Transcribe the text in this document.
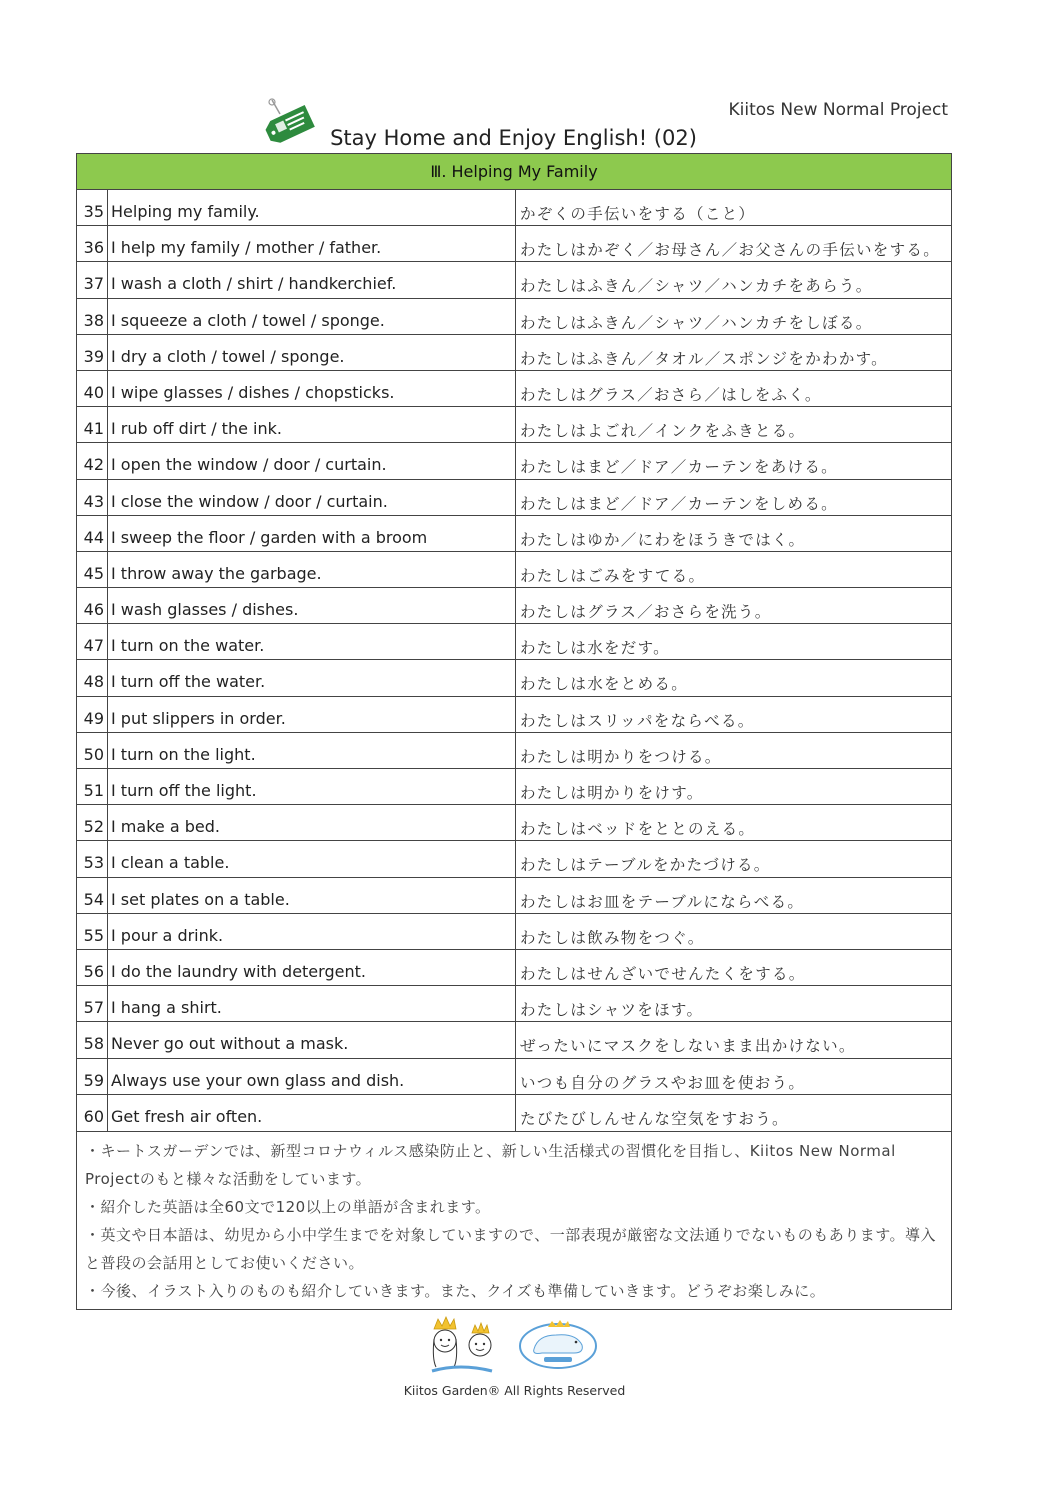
Kiitos New Normal Project
Stay Home and Enjoy English! (02)
Ⅲ. Helping My Family
35 Helping my family.	かぞくの手伝いをする（こと）
36 I help my family / mother / father.	わたしはかぞく／お母さん／お父さんの手伝いをする。
37 I wash a cloth / shirt / handkerchief.	わたしはふきん／シャツ／ハンカチをあらう。
38 I squeeze a cloth / towel / sponge.	わたしはふきん／シャツ／ハンカチをしぼる。
39 I dry a cloth / towel / sponge.	わたしはふきん／タオル／スポンジをかわかす。
40 I wipe glasses / dishes / chopsticks.	わたしはグラス／おさら／はしをふく。
41 I rub off dirt / the ink.	わたしはよごれ／インクをふきとる。
42 I open the window / door / curtain.	わたしはまど／ドア／カーテンをあける。
43 I close the window / door / curtain.	わたしはまど／ドア／カーテンをしめる。
44 I sweep the floor / garden with a broom	わたしはゆか／にわをほうきではく。
45 I throw away the garbage.	わたしはごみをすてる。
46 I wash glasses / dishes.	わたしはグラス／おさらを洗う。
47 I turn on the water.	わたしは水をだす。
48 I turn off the water.	わたしは水をとめる。
49 I put slippers in order.	わたしはスリッパをならべる。
50 I turn on the light.	わたしは明かりをつける。
51 I turn off the light.	わたしは明かりをけす。
52 I make a bed.	わたしはベッドをととのえる。
53 I clean a table.	わたしはテーブルをかたづける。
54 I set plates on a table.	わたしはお皿をテーブルにならべる。
55 I pour a drink.	わたしは飲み物をつぐ。
56 I do the laundry with detergent.	わたしはせんざいでせんたくをする。
57 I hang a shirt.	わたしはシャツをほす。
58 Never go out without a mask.	ぜったいにマスクをしないまま出かけない。
59 Always use your own glass and dish.	いつも自分のグラスやお皿を使おう。
60 Get fresh air often.	たびたびしんせんな空気をすおう。

・キートスガーデンでは、新型コロナウィルス感染防止と、新しい生活様式の習慣化を目指し、Kiitos New Normal Projectのもと様々な活動をしています。

・紹介した英語は全60文で120以上の単語が含まれます。

・英文や日本語は、幼児から小中学生までを対象していますので、一部表現が厳密な文法通りでないものもあります。導入と普段の会話用としてお使いください。

・今後、イラスト入りのものも紹介していきます。また、クイズも準備していきます。どうぞお楽しみに。

Kiitos Garden® All Rights Reserved
